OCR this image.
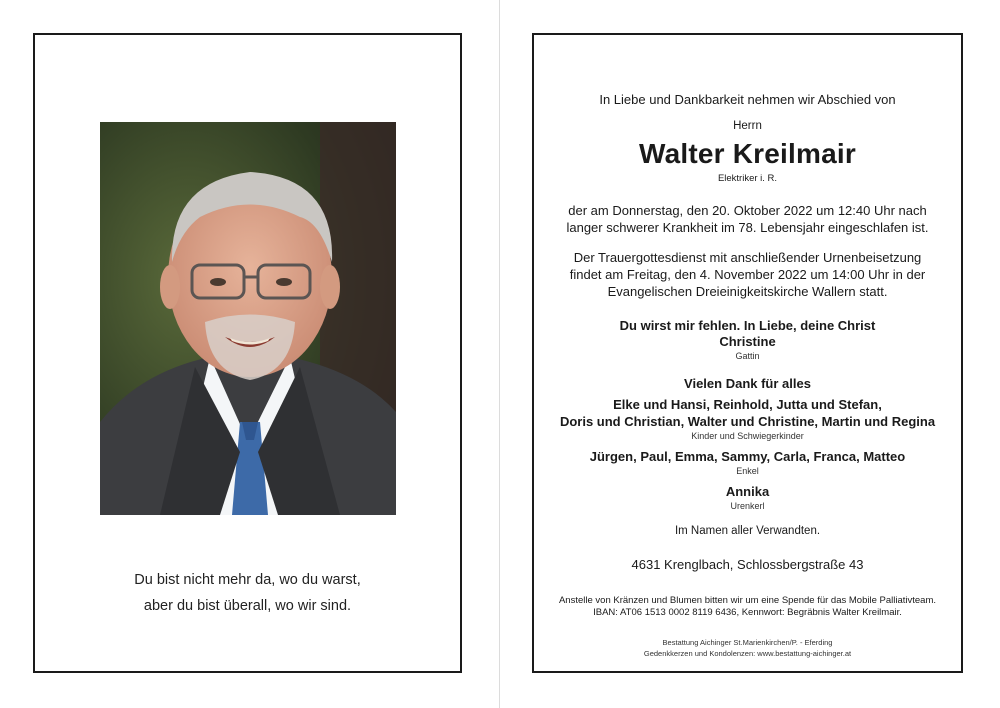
Du bist nicht mehr da, wo du warst,
aber du bist überall, wo wir sind.
In Liebe und Dankbarkeit nehmen wir Abschied von
Herrn
Walter Kreilmair
Elektriker i. R.
der am Donnerstag, den 20. Oktober 2022 um 12:40 Uhr nach
langer schwerer Krankheit im 78. Lebensjahr eingeschlafen ist.
Der Trauergottesdienst mit anschließender Urnenbeisetzung
findet am Freitag, den 4. November 2022 um 14:00 Uhr in der
Evangelischen Dreieinigkeitskirche Wallern statt.
Du wirst mir fehlen. In Liebe, deine Christ
Christine
Gattin
Vielen Dank für alles
Elke und Hansi, Reinhold, Jutta und Stefan,
Doris und Christian, Walter und Christine, Martin und Regina
Kinder und Schwiegerkinder
Jürgen, Paul, Emma, Sammy, Carla, Franca, Matteo
Enkel
Annika
Urenkerl
Im Namen aller Verwandten.
4631 Krenglbach, Schlossbergstraße 43
Anstelle von Kränzen und Blumen bitten wir um eine Spende für das Mobile Palliativteam.
IBAN: AT06 1513 0002 8119 6436, Kennwort: Begräbnis Walter Kreilmair.
Bestattung Aichinger St.Marienkirchen/P. - Eferding
Gedenkkerzen und Kondolenzen: www.bestattung-aichinger.at
